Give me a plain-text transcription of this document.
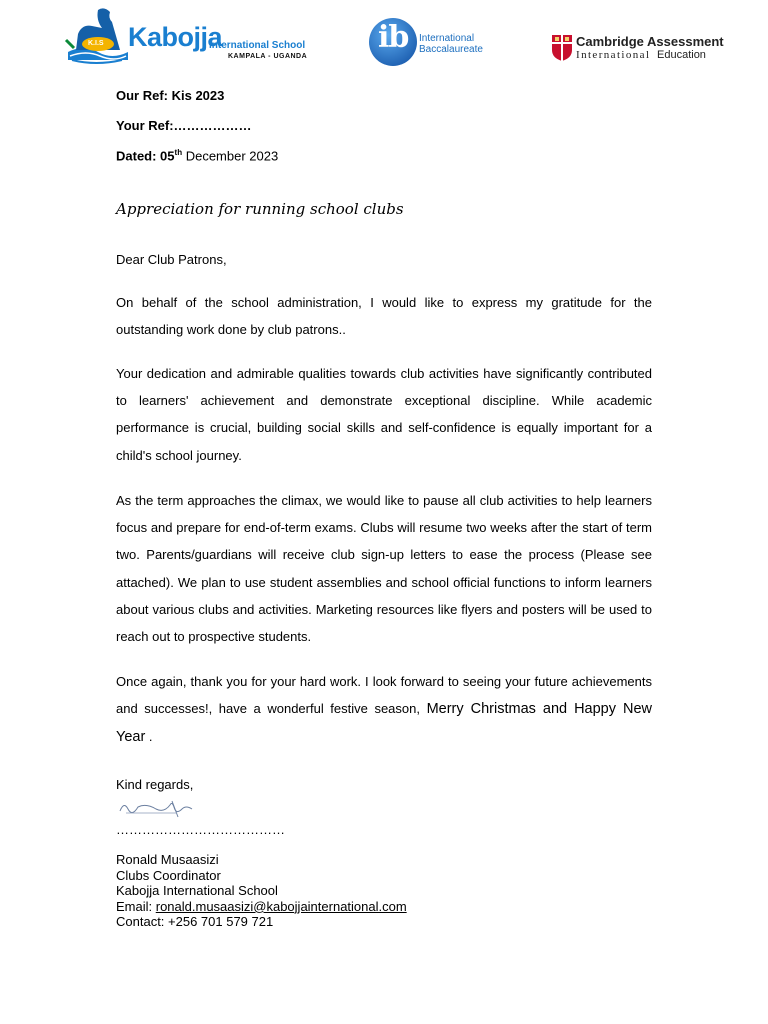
K.I.S Kabojja
International School
KAMPALA - UGANDA
ib International
Baccalaureate
Cambridge Assessment
International Education
Our Ref: Kis 2023
Your Ref:………………
Dated: 05th December 2023
Appreciation for running school clubs
Dear Club Patrons,
On behalf of the school administration, I would like to express my gratitude for the outstanding work done by club patrons..
Your dedication and admirable qualities towards club activities have significantly contributed to learners' achievement and demonstrate exceptional discipline. While academic performance is crucial, building social skills and self-confidence is equally important for a child's school journey.
As the term approaches the climax, we would like to pause all club activities to help learners focus and prepare for end-of-term exams. Clubs will resume two weeks after the start of term two. Parents/guardians will receive club sign-up letters to ease the process (Please see attached). We plan to use student assemblies and school official functions to inform learners about various clubs and activities. Marketing resources like flyers and posters will be used to reach out to prospective students.
Once again, thank you for your hard work. I look forward to seeing your future achievements and successes!, have a wonderful festive season, Merry Christmas and Happy New Year .
Kind regards,
…………………………………
Ronald Musaasizi
Clubs Coordinator
Kabojja International School
Email: ronald.musaasizi@kabojjainternational.com
Contact: +256 701 579 721
